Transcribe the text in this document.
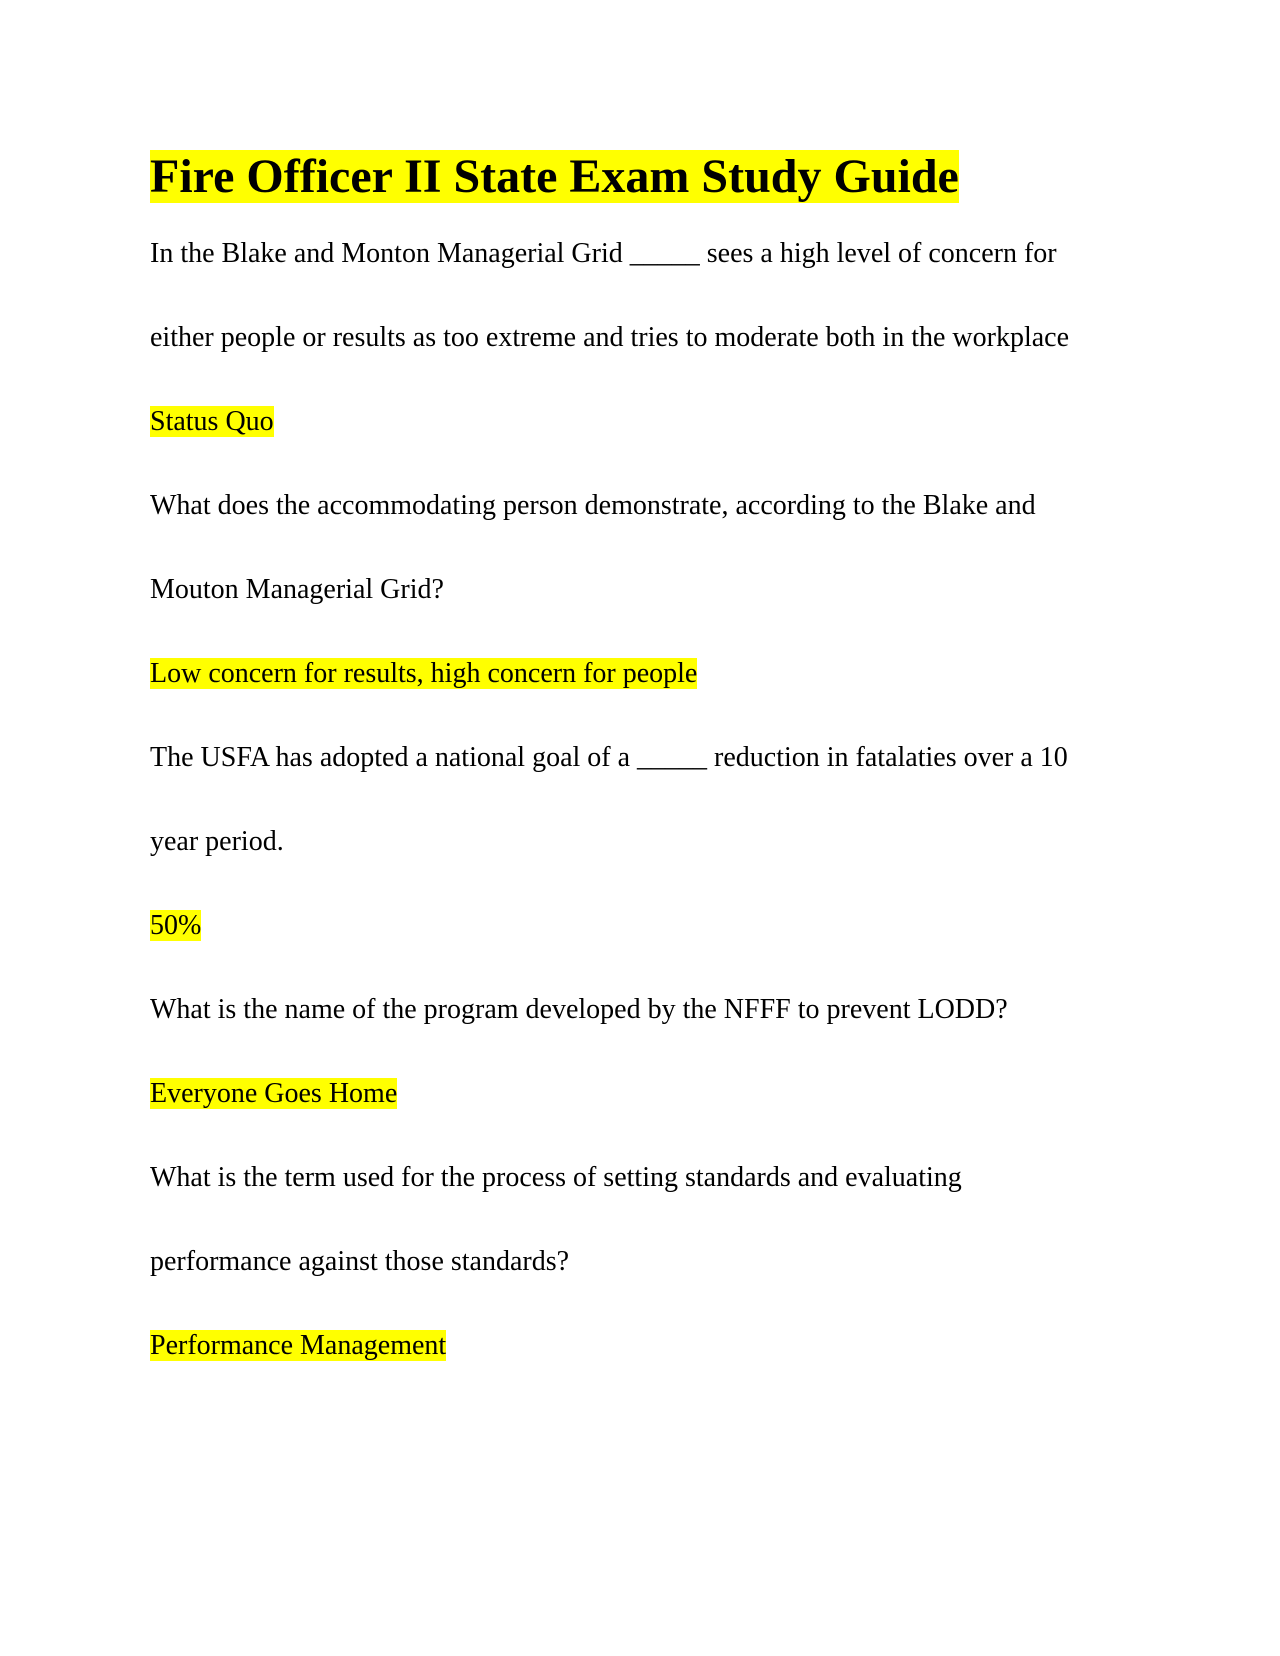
Fire Officer II State Exam Study Guide

In the Blake and Monton Managerial Grid _____ sees a high level of concern for

either people or results as too extreme and tries to moderate both in the workplace

Status Quo

What does the accommodating person demonstrate, according to the Blake and

Mouton Managerial Grid?

Low concern for results, high concern for people

The USFA has adopted a national goal of a _____ reduction in fatalaties over a 10

year period.

50%

What is the name of the program developed by the NFFF to prevent LODD?

Everyone Goes Home

What is the term used for the process of setting standards and evaluating

performance against those standards?

Performance Management
